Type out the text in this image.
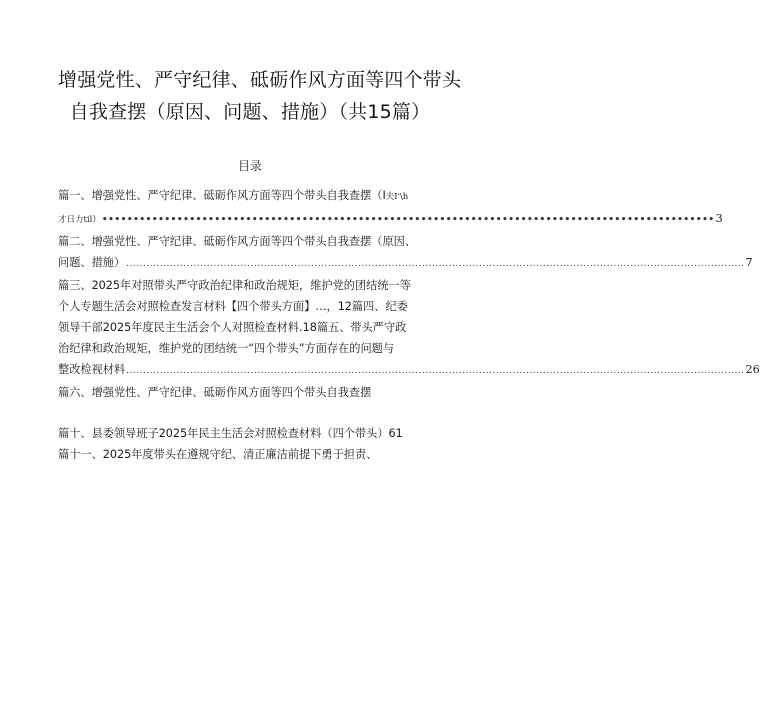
增强党性、严守纪律、砥砺作风方面等四个带头
自我查摆（原因、问题、措施）（共15篇）
目录
篇一、增强党性、严守纪律、砥砺作风方面等四个带头自我查摆（I夫I'\h
才日力til） •••••••••••••••••••••••••••••••••••••••••••••••••••••••••••••••••••••••••••••••••••••••••••••••••• 3
篇二、增强党性、严守纪律、砥砺作风方面等四个带头自我查摆（原因、
问题、措施） ........................................................................................................................................................................................ 7
篇三、2025年对照带头严守政治纪律和政治规矩，维护党的团结统一等
个人专题生活会对照检查发言材料【四个带头方面】…，12篇四、纪委
领导干部2025年度民主生活会个人对照检查材料.18篇五、带头严守政
治纪律和政治规矩，维护党的团结统一“四个带头”方面存在的问题与
整改检视材料 ........................................................................................................................................................................................ 26
篇六、增强党性、严守纪律、砥砺作风方面等四个带头自我查摆
篇十、县委领导班子2025年民主生活会对照检查材料（四个带头）61
篇十一、2025年度带头在遵规守纪、清正廉洁前提下勇于担责、
